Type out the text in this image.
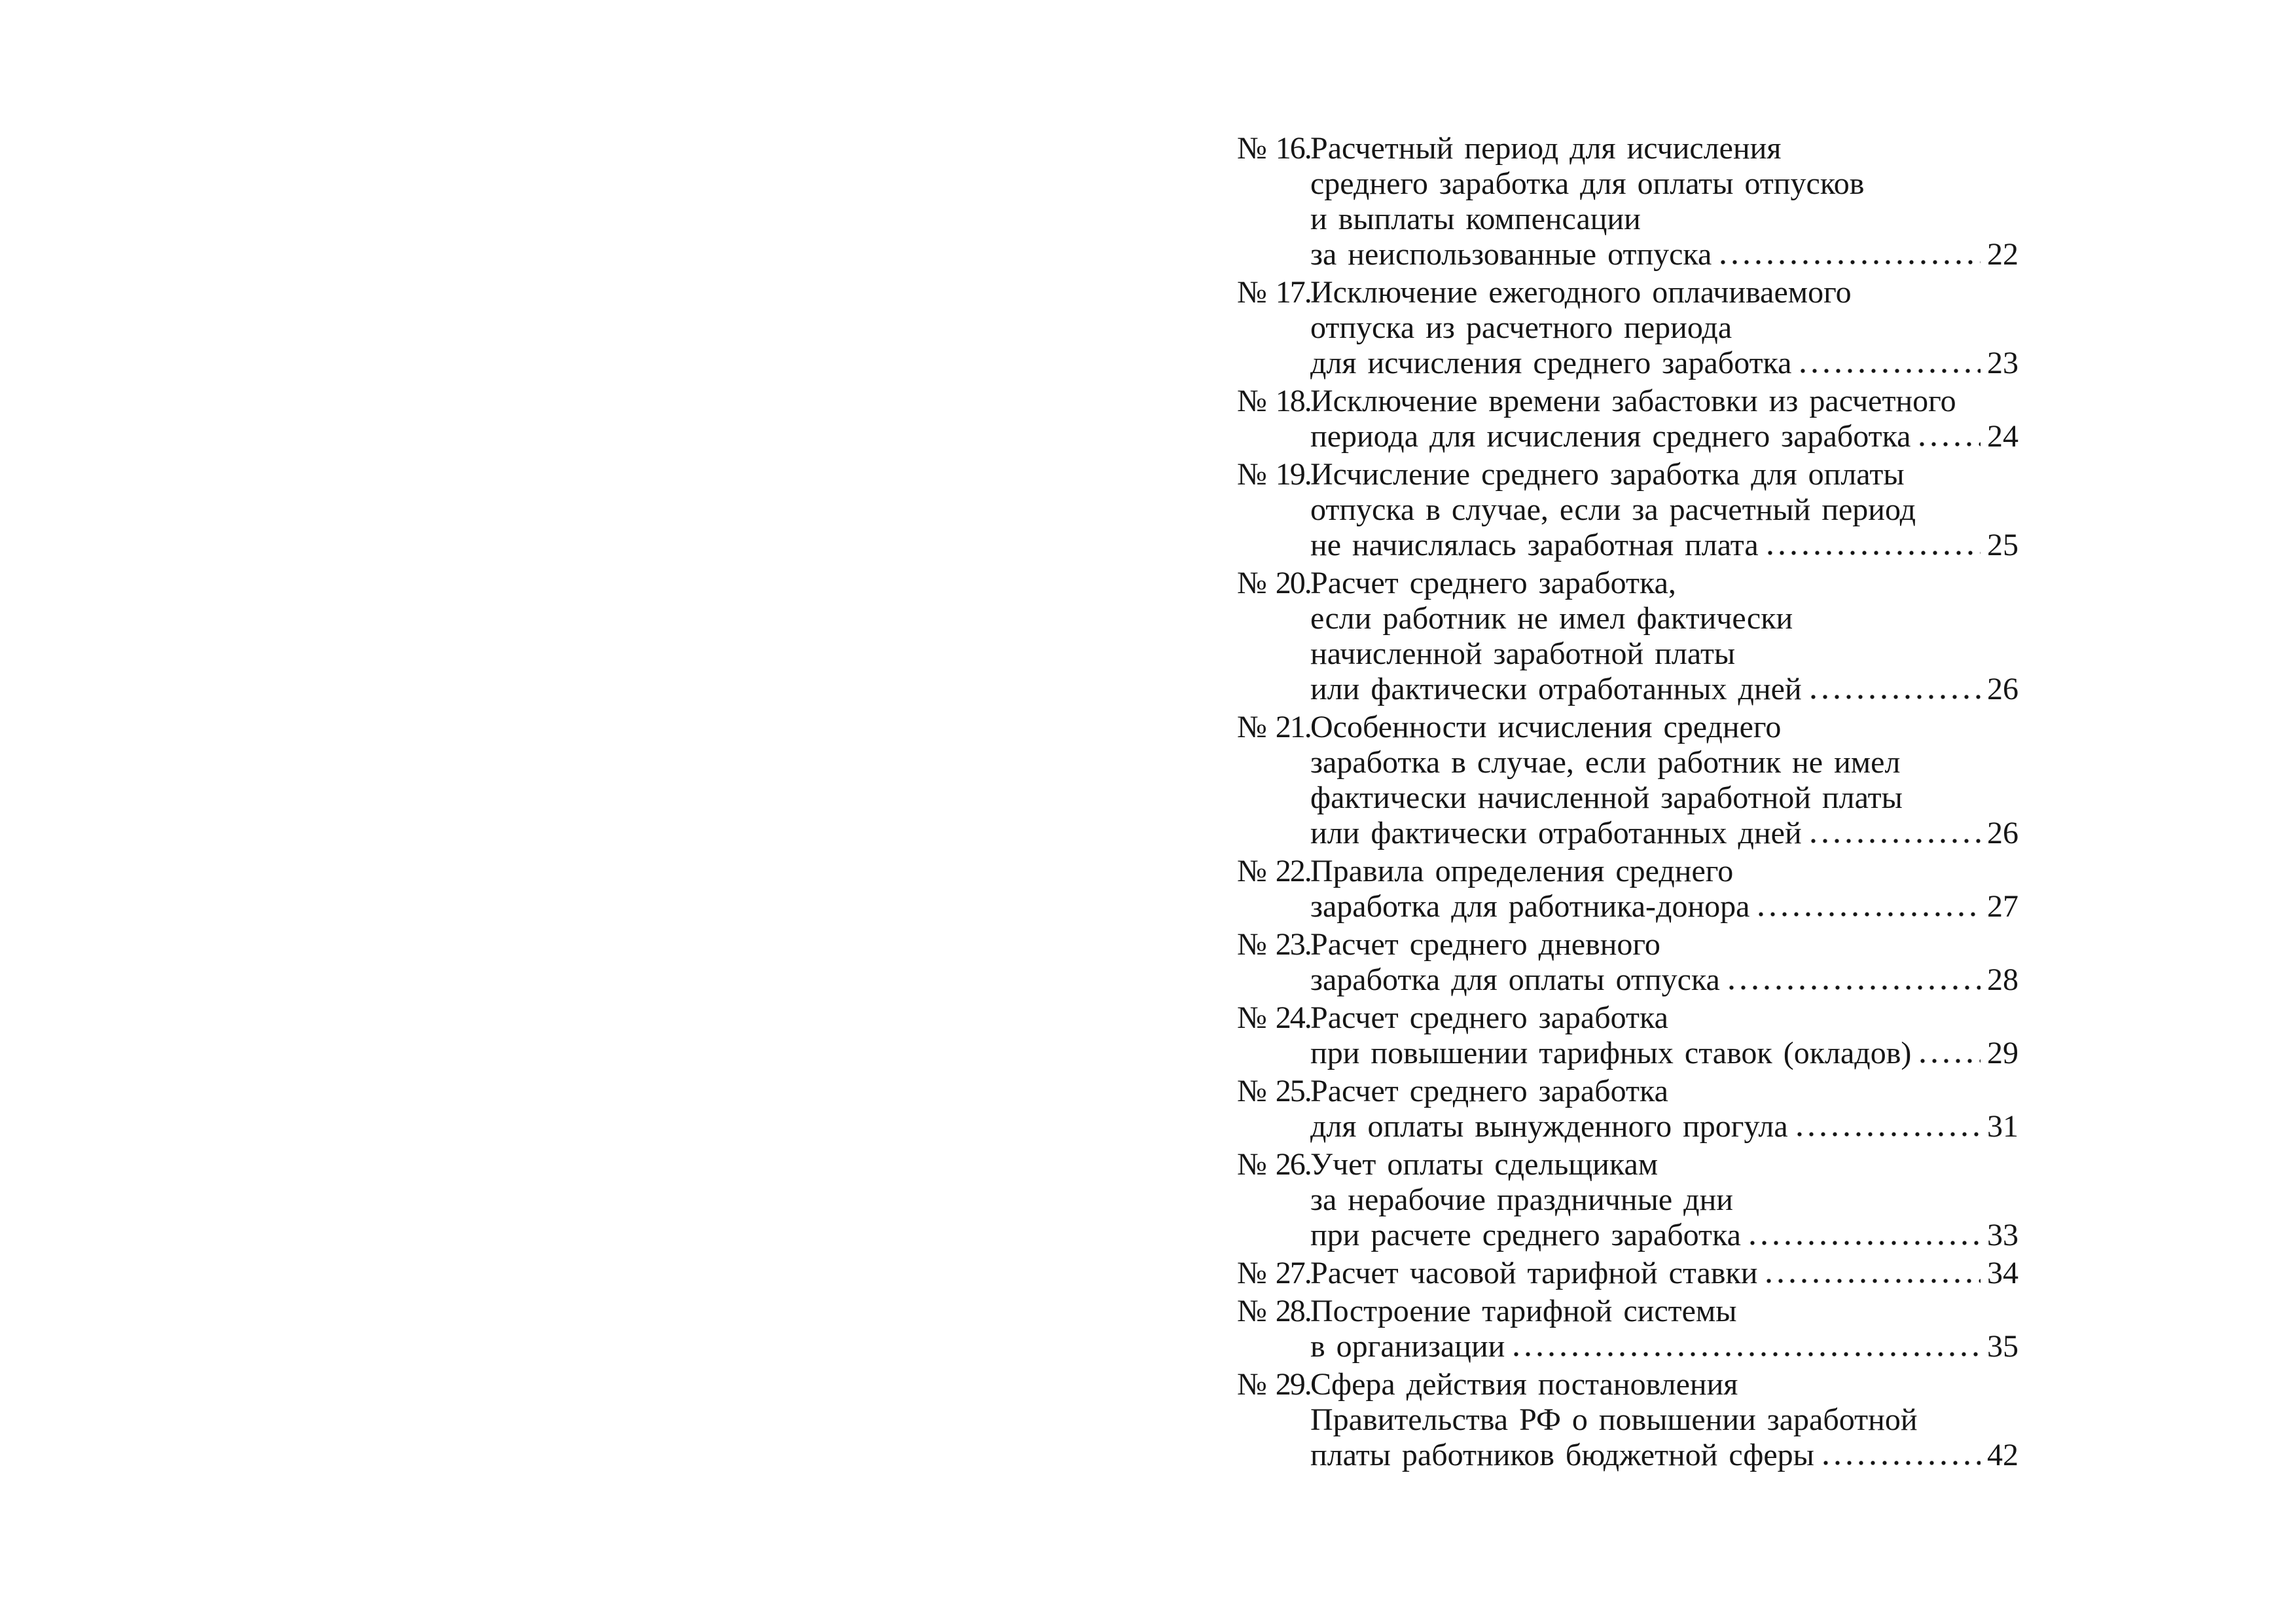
№ 16.Расчетный период для исчисления
среднего заработка для оплаты отпусков
и выплаты компенсации
за неиспользованные отпуска	22
№ 17.Исключение ежегодного оплачиваемого
отпуска из расчетного периода
для исчисления среднего заработка	23
№ 18.Исключение времени забастовки из расчетного
периода для исчисления среднего заработка 24
№ 19.Исчисление среднего заработка для оплаты
отпуска в случае, если за расчетный период
не начислялась заработная плата	25
№ 20.Расчет среднего заработка,
если работник не имел фактически
начисленной заработной платы
или фактически отработанных дней	26
№ 21.Особенности исчисления среднего
заработка в случае, если работник не имел
фактически начисленной заработной платы
или фактически отработанных дней	26
№ 22.Правила определения среднего
заработка для работника-донора	27
№ 23.Расчет среднего дневного
заработка для оплаты отпуска	28
№ 24.Расчет среднего заработка
при повышении тарифных ставок (окладов) 29
№ 25.Расчет среднего заработка
для оплаты вынужденного прогула	31
№ 26.Учет оплаты сдельщикам
за нерабочие праздничные дни
при расчете среднего заработка	33
№ 27. Расчет часовой тарифной ставки	34
№ 28.Построение тарифной системы
в организации	35
№ 29.Сфера действия постановления
Правительства РФ о повышении заработной
платы работников бюджетной сферы	42
